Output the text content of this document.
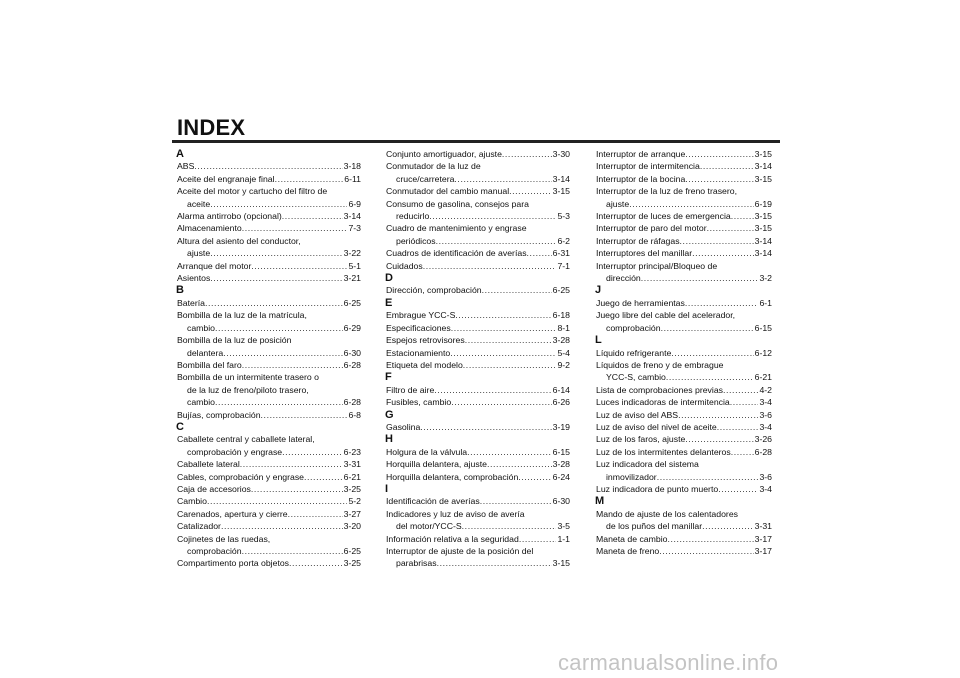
INDEX
A
ABS .....	3-18
Aceite del engranaje final .....	6-11
Aceite del motor y cartucho del filtro de
aceite .....	6-9
Alarma antirrobo (opcional) .....	3-14
Almacenamiento .....	7-3
Altura del asiento del conductor,
ajuste .....	3-22
Arranque del motor .....	5-1
Asientos .....	3-21
B
Batería .....	6-25
Bombilla de la luz de la matrícula,
cambio .....	6-29
Bombilla de la luz de posición
delantera .....	6-30
Bombilla del faro .....	6-28
Bombilla de un intermitente trasero o
de la luz de freno/piloto trasero,
cambio .....	6-28
Bujías, comprobación .....	6-8
C
Caballete central y caballete lateral,
comprobación y engrase .....	6-23
Caballete lateral .....	3-31
Cables, comprobación y engrase .....	6-21
Caja de accesorios .....	3-25
Cambio .....	5-2
Carenados, apertura y cierre .....	3-27
Catalizador .....	3-20
Cojinetes de las ruedas,
comprobación .....	6-25
Compartimento porta objetos .....	3-25
Conjunto amortiguador, ajuste .....	3-30
Conmutador de la luz de
cruce/carretera .....	3-14
Conmutador del cambio manual .....	3-15
Consumo de gasolina, consejos para
reducirlo .....	5-3
Cuadro de mantenimiento y engrase
periódicos .....	6-2
Cuadros de identificación de averías .....	6-31
Cuidados .....	7-1
D
Dirección, comprobación .....	6-25
E
Embrague YCC-S .....	6-18
Especificaciones .....	8-1
Espejos retrovisores .....	3-28
Estacionamiento .....	5-4
Etiqueta del modelo .....	9-2
F
Filtro de aire .....	6-14
Fusibles, cambio .....	6-26
G
Gasolina .....	3-19
H
Holgura de la válvula .....	6-15
Horquilla delantera, ajuste .....	3-28
Horquilla delantera, comprobación .....	6-24
I
Identificación de averías .....	6-30
Indicadores y luz de aviso de avería
del motor/YCC-S .....	3-5
Información relativa a la seguridad .....	1-1
Interruptor de ajuste de la posición del
parabrisas .....	3-15
Interruptor de arranque .....	3-15
Interruptor de intermitencia .....	3-14
Interruptor de la bocina .....	3-15
Interruptor de la luz de freno trasero,
ajuste .....	6-19
Interruptor de luces de emergencia .....	3-15
Interruptor de paro del motor .....	3-15
Interruptor de ráfagas .....	3-14
Interruptores del manillar .....	3-14
Interruptor principal/Bloqueo de
dirección .....	3-2
J
Juego de herramientas .....	6-1
Juego libre del cable del acelerador,
comprobación .....	6-15
L
Líquido refrigerante .....	6-12
Líquidos de freno y de embrague
YCC-S, cambio .....	6-21
Lista de comprobaciones previas .....	4-2
Luces indicadoras de intermitencia .....	3-4
Luz de aviso del ABS .....	3-6
Luz de aviso del nivel de aceite .....	3-4
Luz de los faros, ajuste .....	3-26
Luz de los intermitentes delanteros .....	6-28
Luz indicadora del sistema
inmovilizador .....	3-6
Luz indicadora de punto muerto .....	3-4
M
Mando de ajuste de los calentadores
de los puños del manillar .....	3-31
Maneta de cambio .....	3-17
Maneta de freno .....	3-17
carmanualsonline.info
